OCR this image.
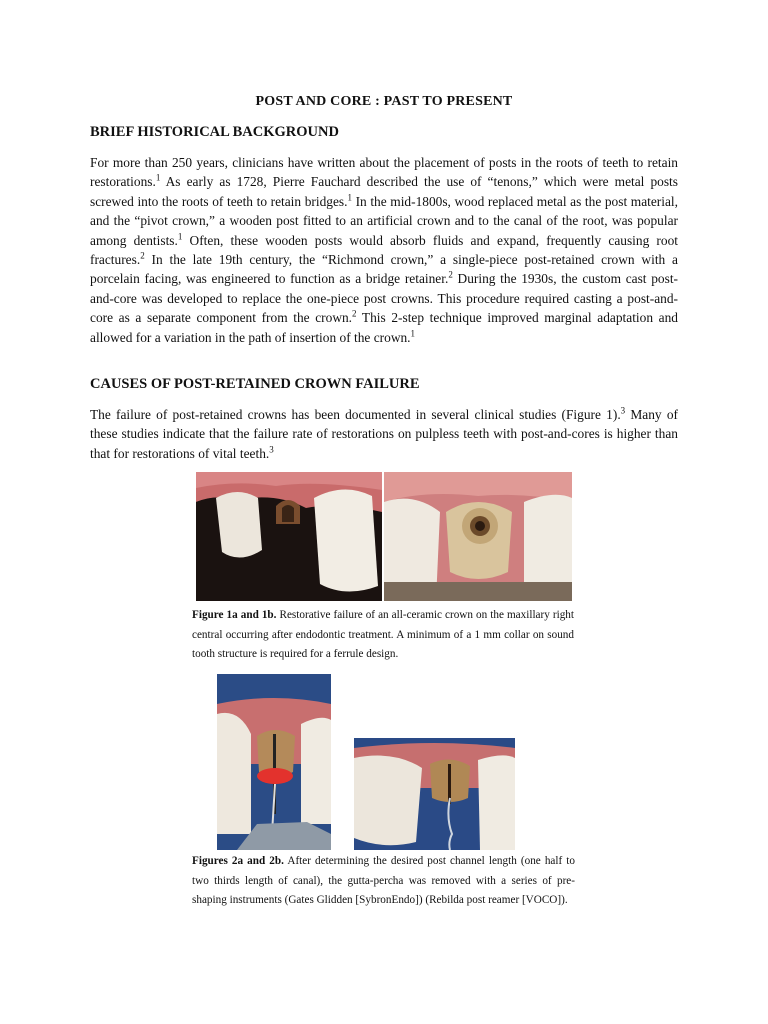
POST AND CORE : PAST TO PRESENT
BRIEF HISTORICAL BACKGROUND
For more than 250 years, clinicians have written about the placement of posts in the roots of teeth to retain restorations.$^1$ As early as 1728, Pierre Fauchard described the use of “tenons,” which were metal posts screwed into the roots of teeth to retain bridges.$^1$ In the mid-1800s, wood replaced metal as the post material, and the “pivot crown,” a wooden post fitted to an artificial crown and to the canal of the root, was popular among dentists.$^1$ Often, these wooden posts would absorb fluids and expand, frequently causing root fractures.$^2$ In the late 19th century, the “Richmond crown,” a single-piece post-retained crown with a porcelain facing, was engineered to function as a bridge retainer.$^2$ During the 1930s, the custom cast post-and-core was developed to replace the one-piece post crowns. This procedure required casting a post-and-core as a separate component from the crown.$^2$ This 2-step technique improved marginal adaptation and allowed for a variation in the path of insertion of the crown.$^1$
CAUSES OF POST-RETAINED CROWN FAILURE
The failure of post-retained crowns has been documented in several clinical studies (Figure 1).$^3$ Many of these studies indicate that the failure rate of restorations on pulpless teeth with post-and-cores is higher than that for restorations of vital teeth.$^3$
Figure 1a and 1b. Restorative failure of an all-ceramic crown on the maxillary right central occurring after endodontic treatment. A minimum of a 1 mm collar on sound tooth structure is required for a ferrule design.
Figures 2a and 2b. After determining the desired post channel length (one half to two thirds length of canal), the gutta-percha was removed with a series of pre-shaping instruments (Gates Glidden [SybronEndo]) (Rebilda post reamer [VOCO]).
